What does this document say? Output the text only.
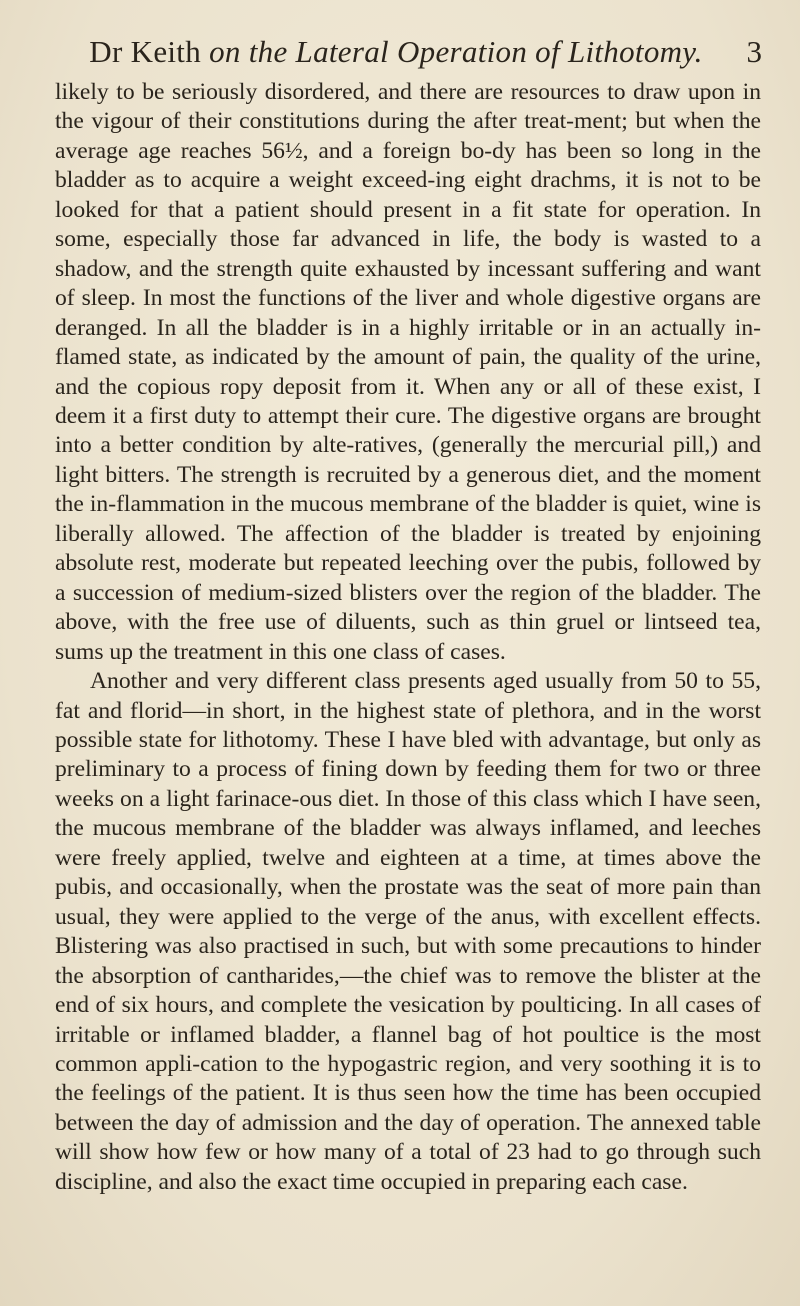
Dr Keith on the Lateral Operation of Lithotomy.	3

likely to be seriously disordered, and there are resources to draw upon in the vigour of their constitutions during the after treat-ment; but when the average age reaches 56½, and a foreign bo-dy has been so long in the bladder as to acquire a weight exceed-ing eight drachms, it is not to be looked for that a patient should present in a fit state for operation. In some, especially those far advanced in life, the body is wasted to a shadow, and the strength quite exhausted by incessant suffering and want of sleep. In most the functions of the liver and whole digestive organs are deranged. In all the bladder is in a highly irritable or in an actually in-flamed state, as indicated by the amount of pain, the quality of the urine, and the copious ropy deposit from it. When any or all of these exist, I deem it a first duty to attempt their cure. The digestive organs are brought into a better condition by alte-ratives, (generally the mercurial pill,) and light bitters. The strength is recruited by a generous diet, and the moment the in-flammation in the mucous membrane of the bladder is quiet, wine is liberally allowed. The affection of the bladder is treated by enjoining absolute rest, moderate but repeated leeching over the pubis, followed by a succession of medium-sized blisters over the region of the bladder. The above, with the free use of diluents, such as thin gruel or lintseed tea, sums up the treatment in this one class of cases.

Another and very different class presents aged usually from 50 to 55, fat and florid—in short, in the highest state of plethora, and in the worst possible state for lithotomy. These I have bled with advantage, but only as preliminary to a process of fining down by feeding them for two or three weeks on a light farinace-ous diet. In those of this class which I have seen, the mucous membrane of the bladder was always inflamed, and leeches were freely applied, twelve and eighteen at a time, at times above the pubis, and occasionally, when the prostate was the seat of more pain than usual, they were applied to the verge of the anus, with excellent effects. Blistering was also practised in such, but with some precautions to hinder the absorption of cantharides,—the chief was to remove the blister at the end of six hours, and complete the vesication by poulticing. In all cases of irritable or inflamed bladder, a flannel bag of hot poultice is the most common appli-cation to the hypogastric region, and very soothing it is to the feelings of the patient. It is thus seen how the time has been occupied between the day of admission and the day of operation. The annexed table will show how few or how many of a total of 23 had to go through such discipline, and also the exact time occupied in preparing each case.
